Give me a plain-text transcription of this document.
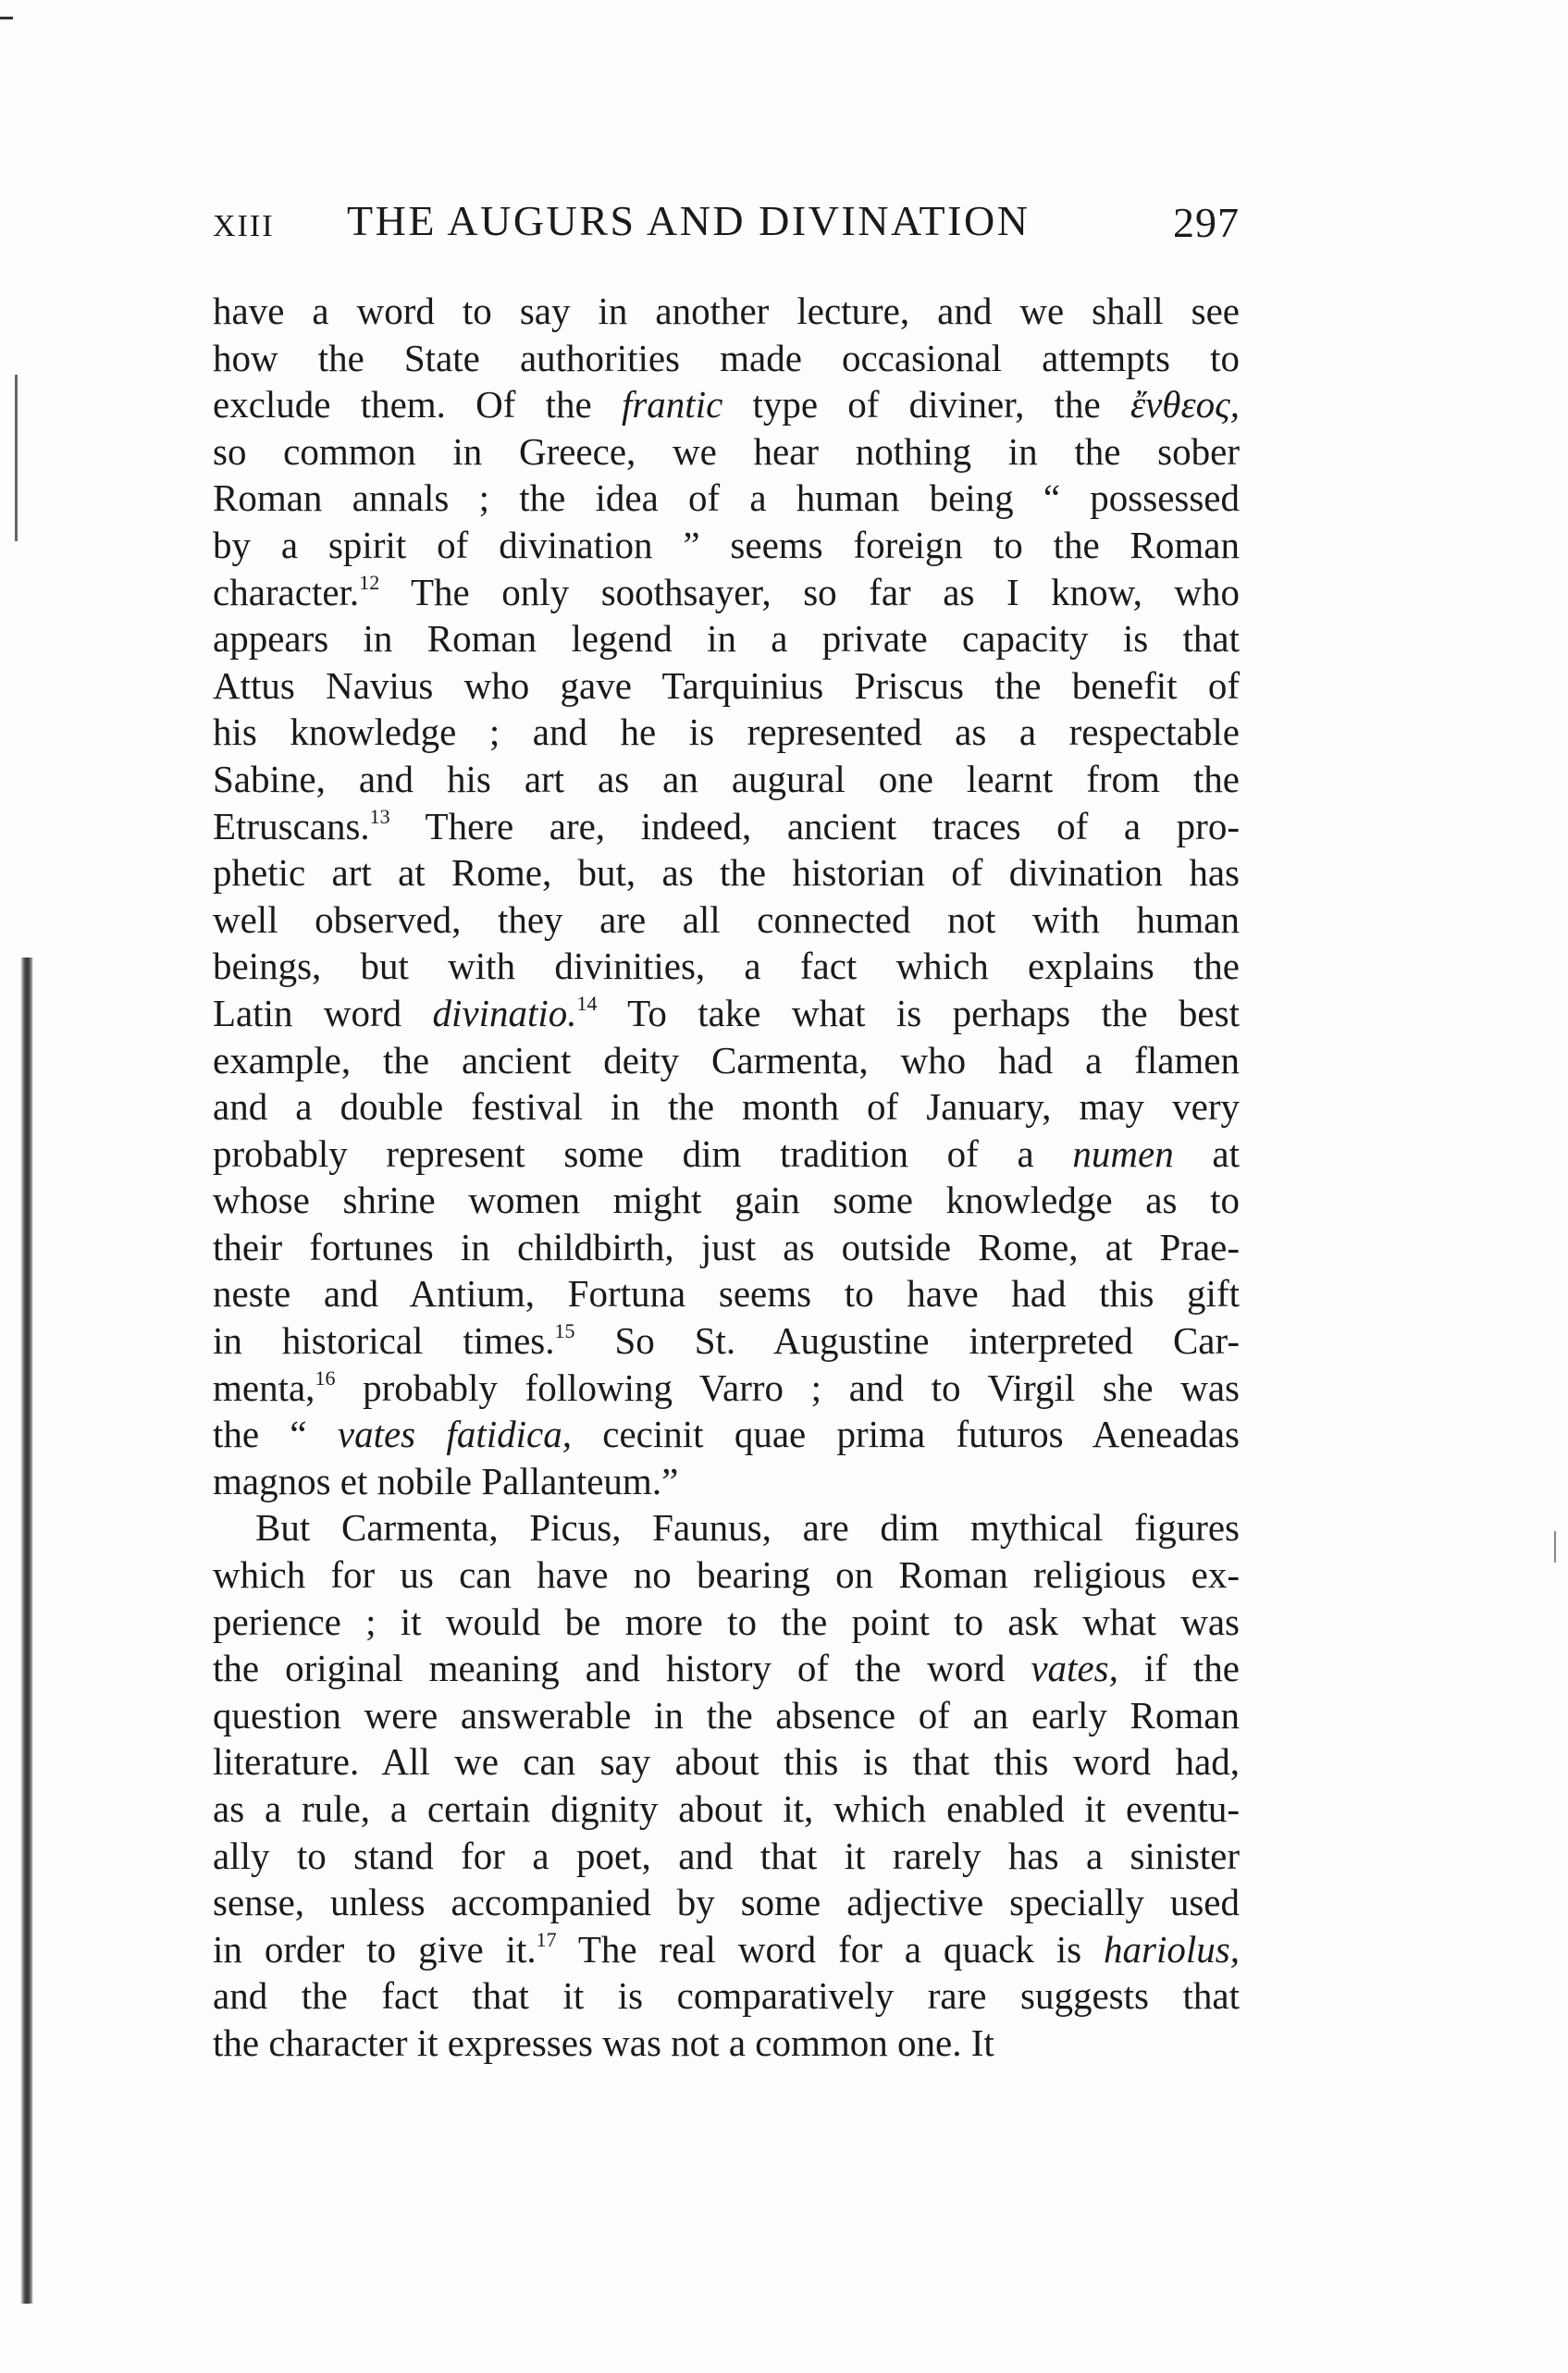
XIII THE AUGURS AND DIVINATION	297
have a word to say in another lecture, and we shall see
how the State authorities made occasional attempts to
exclude them. Of the frantic type of diviner, the ἔνθεος,
so common in Greece, we hear nothing in the sober
Roman annals ; the idea of a human being “ possessed
by a spirit of divination ” seems foreign to the Roman
character.$^{12}$ The only soothsayer, so far as I know, who
appears in Roman legend in a private capacity is that
Attus Navius who gave Tarquinius Priscus the benefit of
his knowledge ; and he is represented as a respectable
Sabine, and his art as an augural one learnt from the
Etruscans.$^{13}$ There are, indeed, ancient traces of a pro-
phetic art at Rome, but, as the historian of divination has
well observed, they are all connected not with human
beings, but with divinities, a fact which explains the
Latin word divinatio.$^{14}$ To take what is perhaps the best
example, the ancient deity Carmenta, who had a flamen
and a double festival in the month of January, may very
probably represent some dim tradition of a numen at
whose shrine women might gain some knowledge as to
their fortunes in childbirth, just as outside Rome, at Prae-
neste and Antium, Fortuna seems to have had this gift
in historical times.$^{15}$ So St. Augustine interpreted Car-
menta,$^{16}$ probably following Varro ; and to Virgil she was
the “ vates fatidica, cecinit quae prima futuros Aeneadas
magnos et nobile Pallanteum.”
But Carmenta, Picus, Faunus, are dim mythical figures
which for us can have no bearing on Roman religious ex-
perience ; it would be more to the point to ask what was
the original meaning and history of the word vates, if the
question were answerable in the absence of an early Roman
literature. All we can say about this is that this word had,
as a rule, a certain dignity about it, which enabled it eventu-
ally to stand for a poet, and that it rarely has a sinister
sense, unless accompanied by some adjective specially used
in order to give it.$^{17}$ The real word for a quack is hariolus,
and the fact that it is comparatively rare suggests that
the character it expresses was not a common one. It
